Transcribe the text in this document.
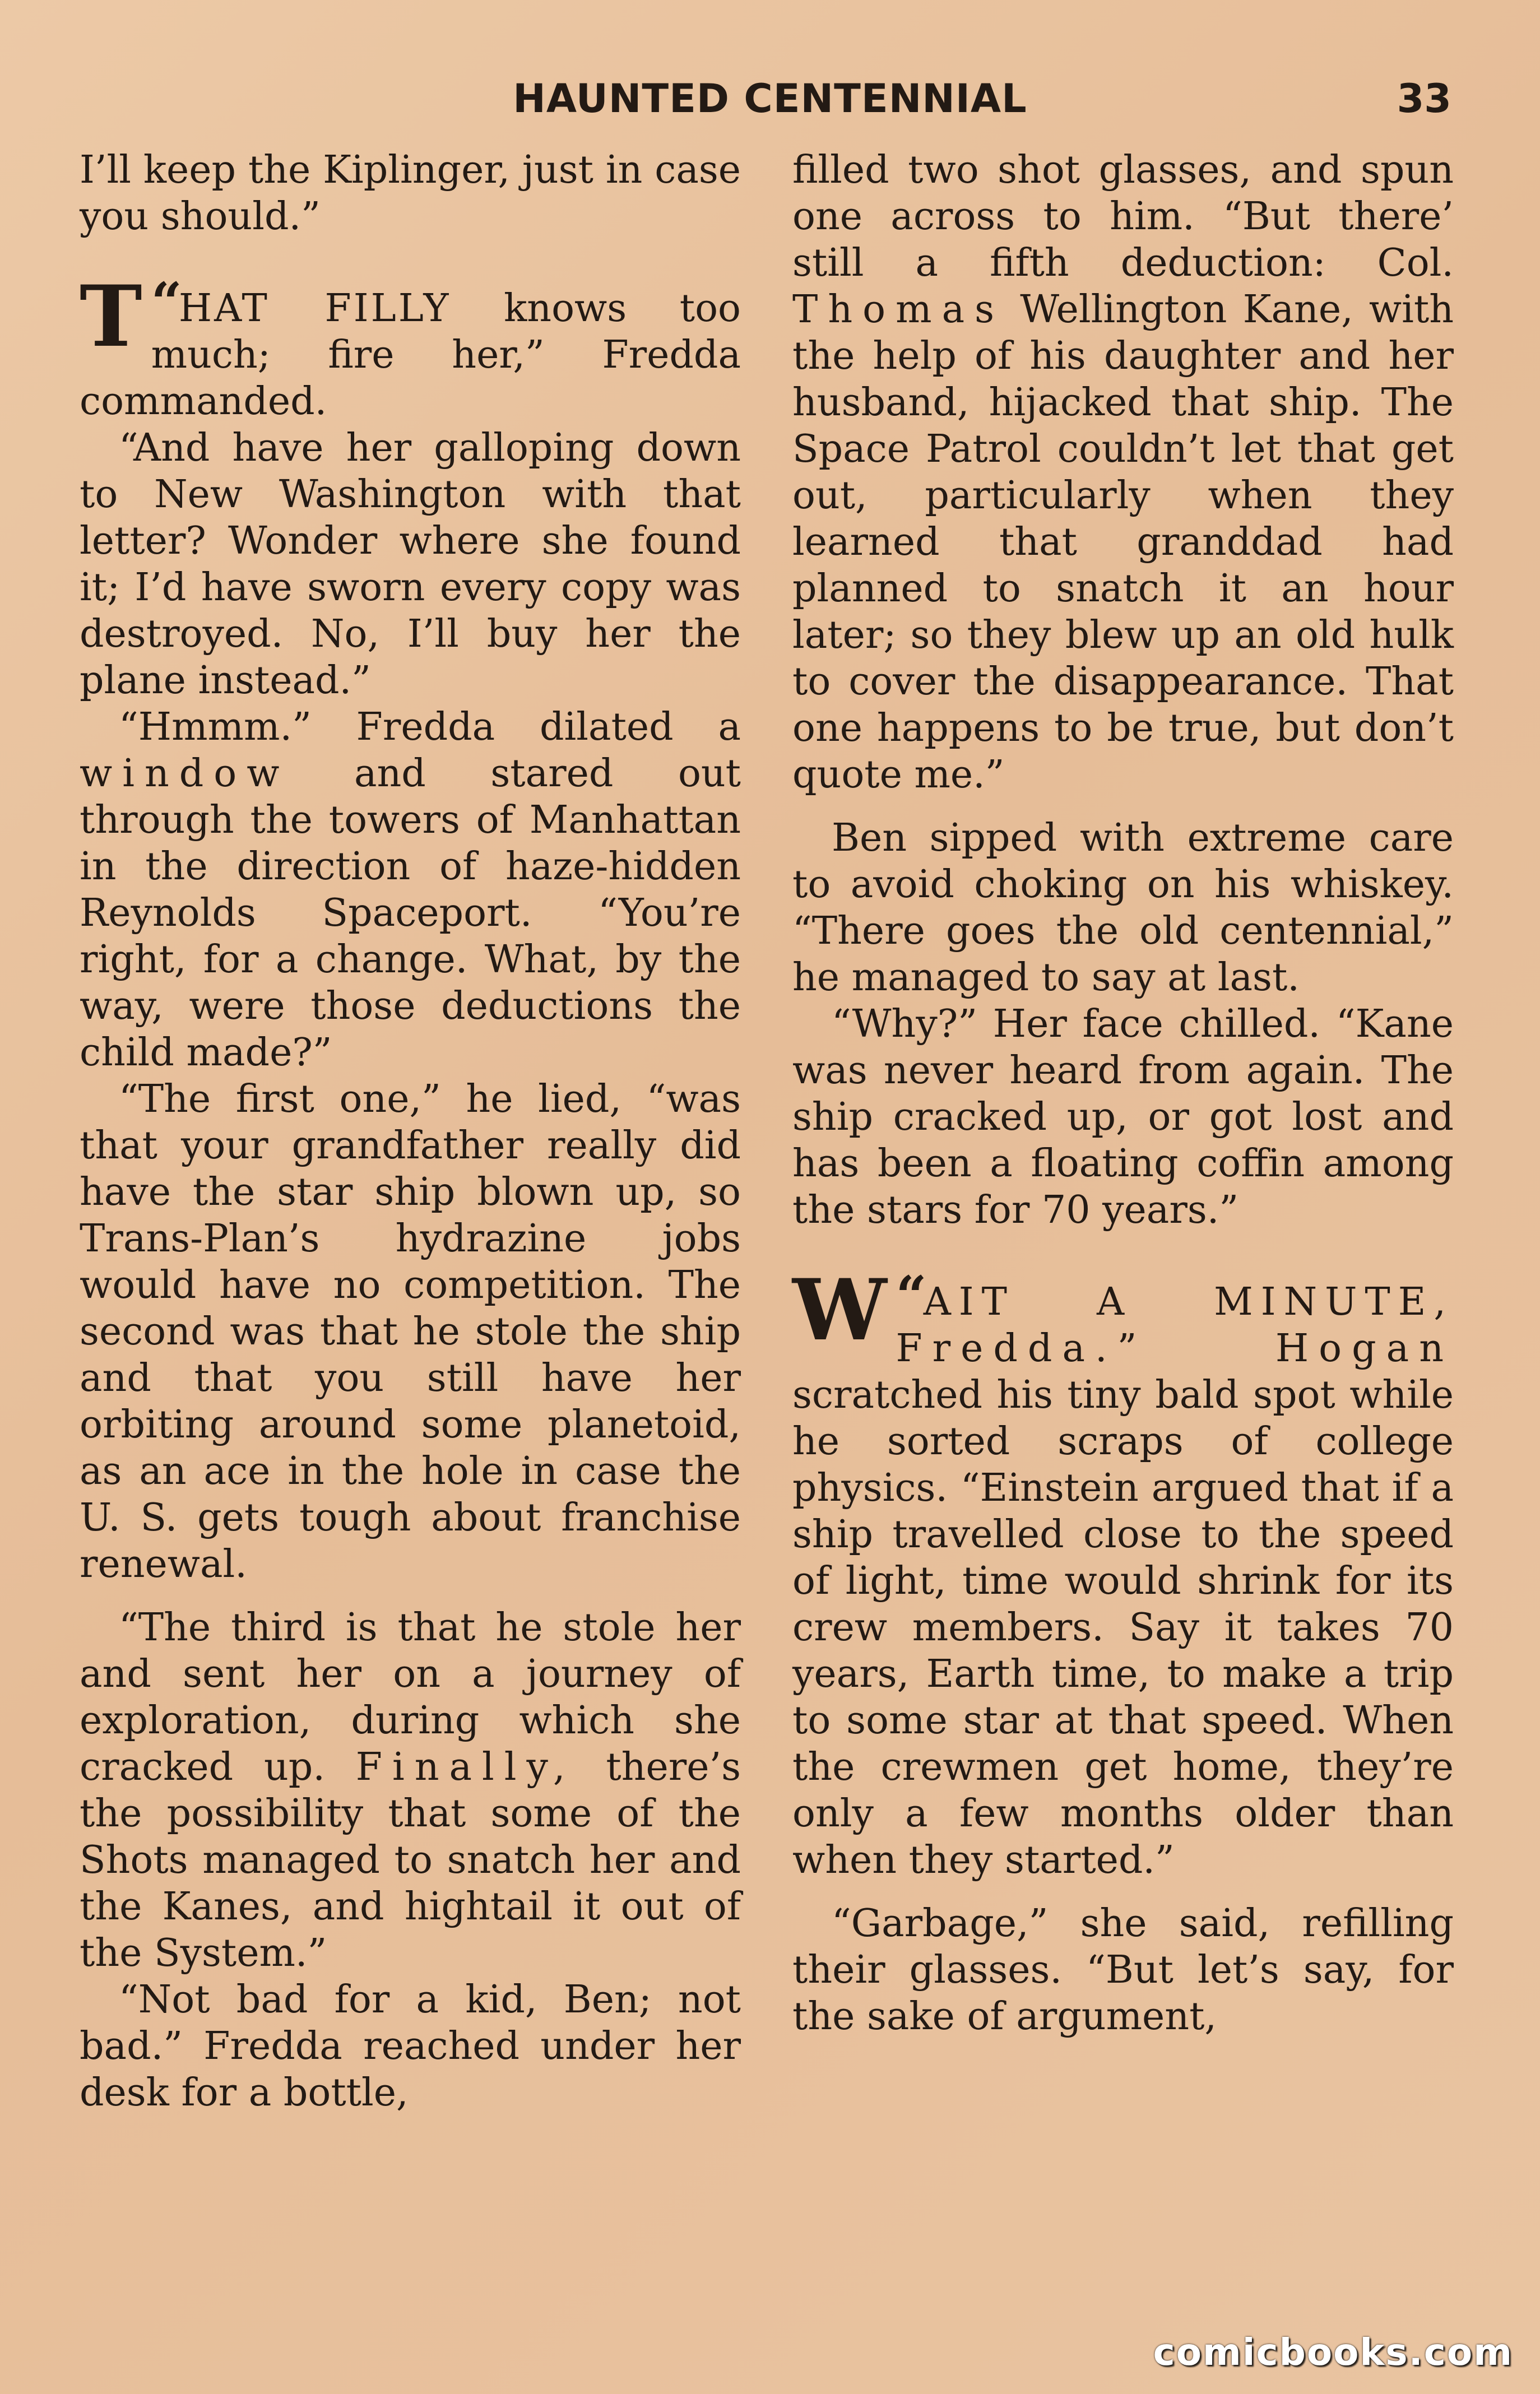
HAUNTED CENTENNIAL	33

I’ll keep the Kiplinger, just in case you should.”

“
T HAT FILLY knows too much; fire her,” Fredda commanded.

“And have her galloping down to New Washington with that letter? Wonder where she found it; I’d have sworn every copy was destroyed. No, I’ll buy her the plane instead.”

“Hmmm.” Fredda dilated a window and stared out through the towers of Manhattan in the direction of haze-hidden Reynolds Spaceport. “You’re right, for a change. What, by the way, were those deductions the child made?”

“The first one,” he lied, “was that your grandfather really did have the star ship blown up, so Trans-Plan’s hydrazine jobs would have no competition. The second was that he stole the ship and that you still have her orbiting around some planetoid, as an ace in the hole in case the U. S. gets tough about franchise renewal.

“The third is that he stole her and sent her on a journey of exploration, during which she cracked up. Finally, there’s the possibility that some of the Shots managed to snatch her and the Kanes, and hightail it out of the System.”

“Not bad for a kid, Ben; not bad.” Fredda reached under her desk for a bottle,

filled two shot glasses, and spun one across to him. “But there’ still a fifth deduction: Col. Thomas Wellington Kane, with the help of his daughter and her husband, hijacked that ship. The Space Patrol couldn’t let that get out, particularly when they learned that granddad had planned to snatch it an hour later; so they blew up an old hulk to cover the disappearance. That one happens to be true, but don’t quote me.”

Ben sipped with extreme care to avoid choking on his whiskey. “There goes the old centennial,” he managed to say at last.

“Why?” Her face chilled. “Kane was never heard from again. The ship cracked up, or got lost and has been a floating coffin among the stars for 70 years.”

“
W AIT A MINUTE, Fredda.” Hogan scratched his tiny bald spot while he sorted scraps of college physics. “Einstein argued that if a ship travelled close to the speed of light, time would shrink for its crew members. Say it takes 70 years, Earth time, to make a trip to some star at that speed. When the crewmen get home, they’re only a few months older than when they started.”

“Garbage,” she said, refilling their glasses. “But let’s say, for the sake of argument,

comicbooks.com
